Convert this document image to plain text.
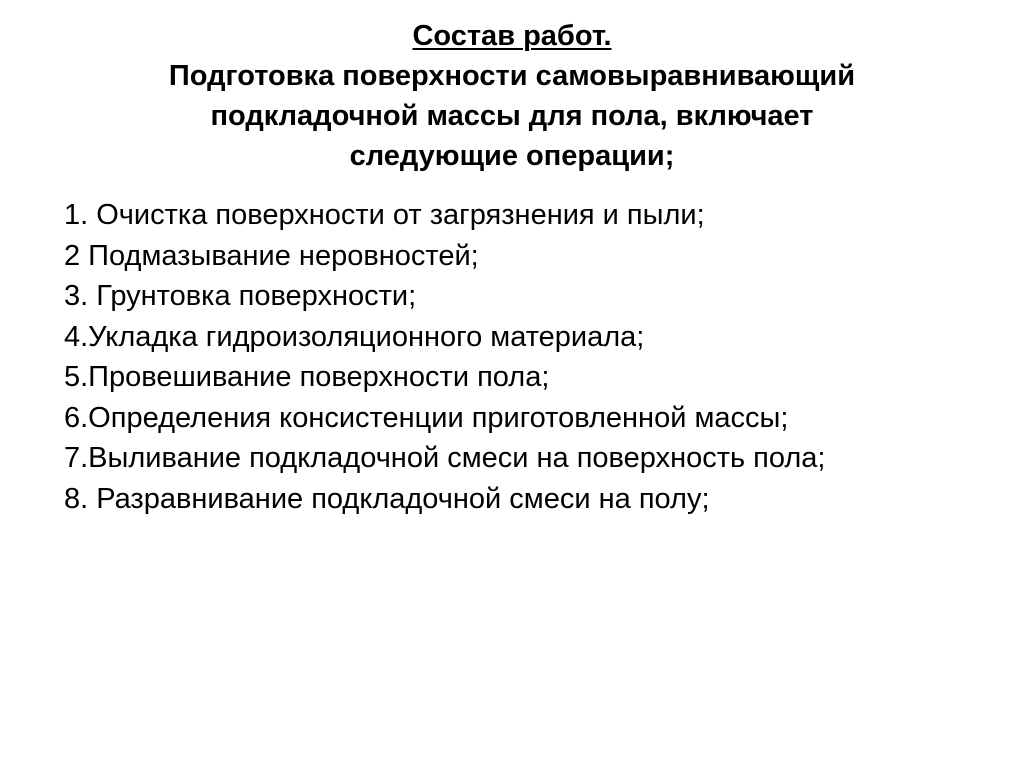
Состав работ.
Подготовка поверхности самовыравнивающий
подкладочной массы для пола, включает
следующие операции;
1. Очистка поверхности от загрязнения и пыли;
2 Подмазывание неровностей;
3. Грунтовка поверхности;
4.Укладка гидроизоляционного материала;
5.Провешивание поверхности пола;
6.Определения консистенции приготовленной массы;
7.Выливание подкладочной смеси на поверхность пола;
8. Разравнивание подкладочной смеси на полу;
